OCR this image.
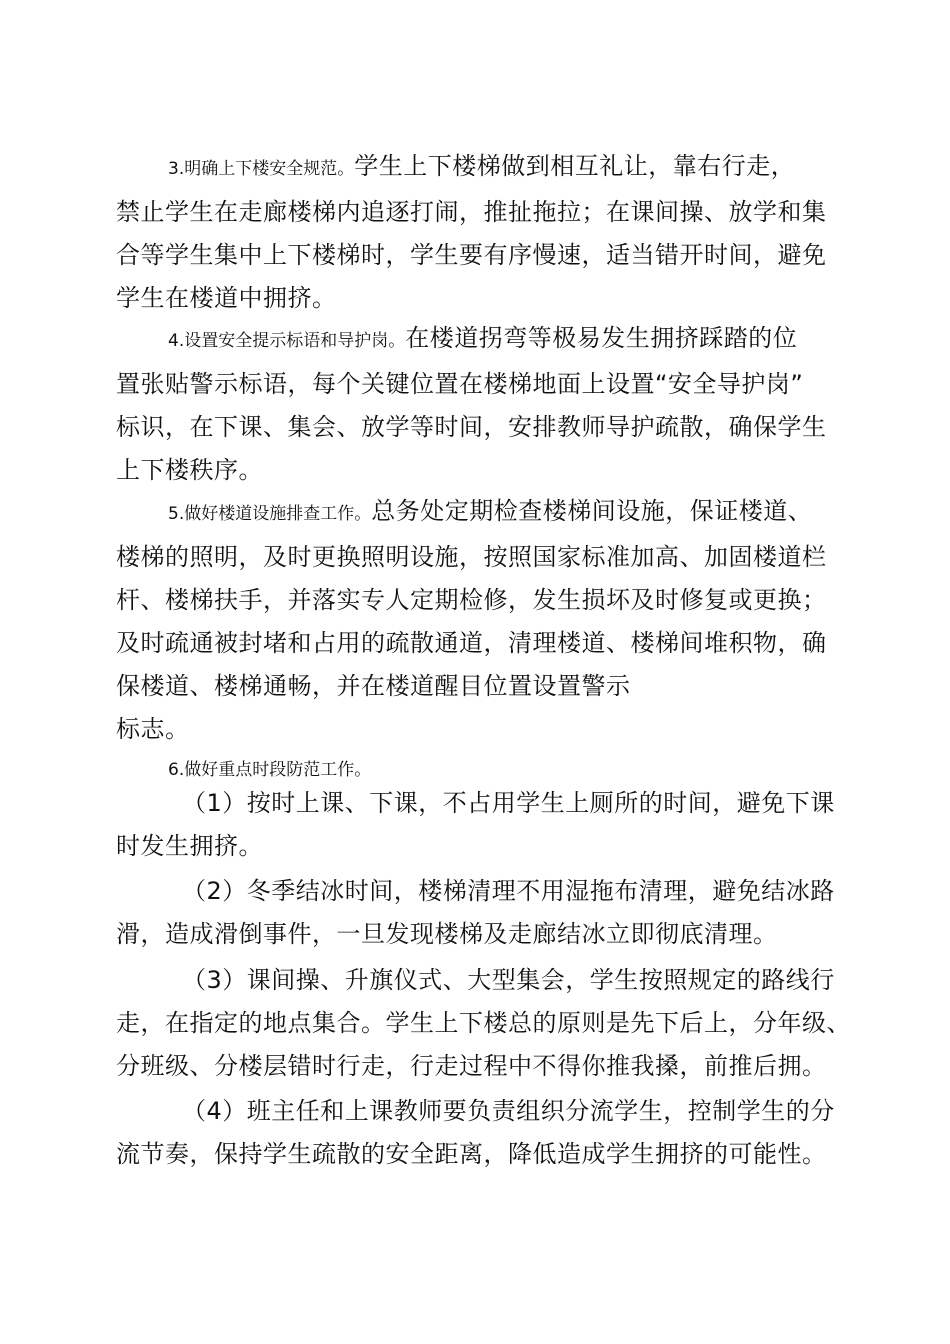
3.明确上下楼安全规范。学生上下楼梯做到相互礼让，靠右行走，
禁止学生在走廊楼梯内追逐打闹，推扯拖拉；在课间操、放学和集
合等学生集中上下楼梯时，学生要有序慢速，适当错开时间，避免
学生在楼道中拥挤。
4.设置安全提示标语和导护岗。在楼道拐弯等极易发生拥挤踩踏的位
置张贴警示标语，每个关键位置在楼梯地面上设置“安全导护岗”
标识，在下课、集会、放学等时间，安排教师导护疏散，确保学生
上下楼秩序。
5.做好楼道设施排查工作。总务处定期检查楼梯间设施，保证楼道、
楼梯的照明，及时更换照明设施，按照国家标准加高、加固楼道栏
杆、楼梯扶手，并落实专人定期检修，发生损坏及时修复或更换；
及时疏通被封堵和占用的疏散通道，清理楼道、楼梯间堆积物，确
保楼道、楼梯通畅，并在楼道醒目位置设置警示
标志。
6.做好重点时段防范工作。
（1）按时上课、下课，不占用学生上厕所的时间，避免下课
时发生拥挤。
（2）冬季结冰时间，楼梯清理不用湿拖布清理，避免结冰路
滑，造成滑倒事件，一旦发现楼梯及走廊结冰立即彻底清理。
（3）课间操、升旗仪式、大型集会，学生按照规定的路线行
走，在指定的地点集合。学生上下楼总的原则是先下后上，分年级、
分班级、分楼层错时行走，行走过程中不得你推我搡，前推后拥。
（4）班主任和上课教师要负责组织分流学生，控制学生的分
流节奏，保持学生疏散的安全距离，降低造成学生拥挤的可能性。
